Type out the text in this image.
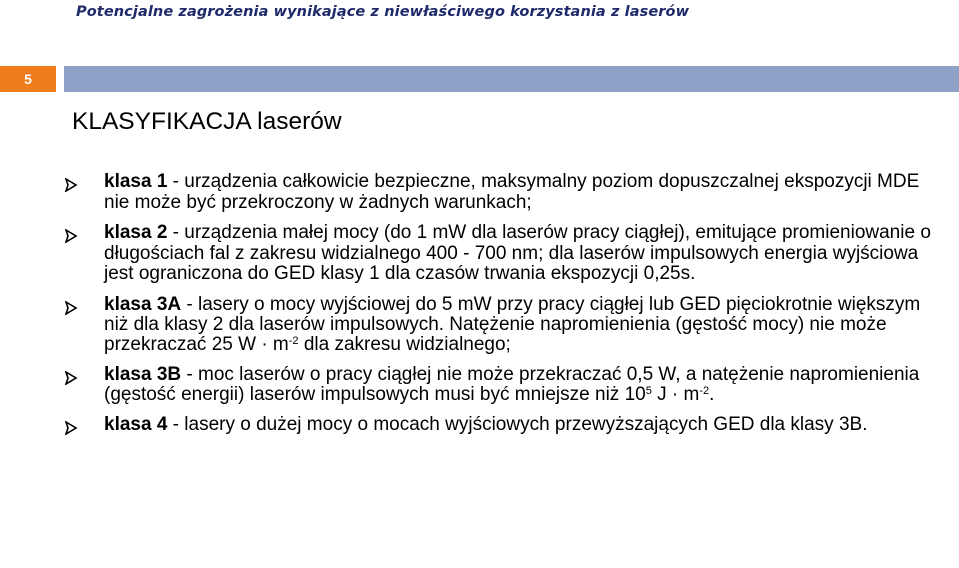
Potencjalne zagrożenia wynikające z niewłaściwego korzystania z laserów
5
KLASYFIKACJA laserów
klasa 1 - urządzenia całkowicie bezpieczne, maksymalny poziom dopuszczalnej ekspozycji MDE nie może być przekroczony w żadnych warunkach;
klasa 2 - urządzenia małej mocy (do 1 mW dla laserów pracy ciągłej), emitujące promieniowanie o długościach fal z zakresu widzialnego 400 - 700 nm; dla laserów impulsowych energia wyjściowa jest ograniczona do GED klasy 1 dla czasów trwania ekspozycji 0,25s.
klasa 3A - lasery o mocy wyjściowej do 5 mW przy pracy ciągłej lub GED pięciokrotnie większym niż dla klasy 2 dla laserów impulsowych. Natężenie napromienienia (gęstość mocy) nie może przekraczać 25 $W \cdot m^{-2}$ dla zakresu widzialnego;
klasa 3B - moc laserów o pracy ciągłej nie może przekraczać 0,5 W, a natężenie napromienienia (gęstość energii) laserów impulsowych musi być mniejsze niż $10^5$ $J \cdot m^{-2}$.
klasa 4 - lasery o dużej mocy o mocach wyjściowych przewyższających GED dla klasy 3B.
